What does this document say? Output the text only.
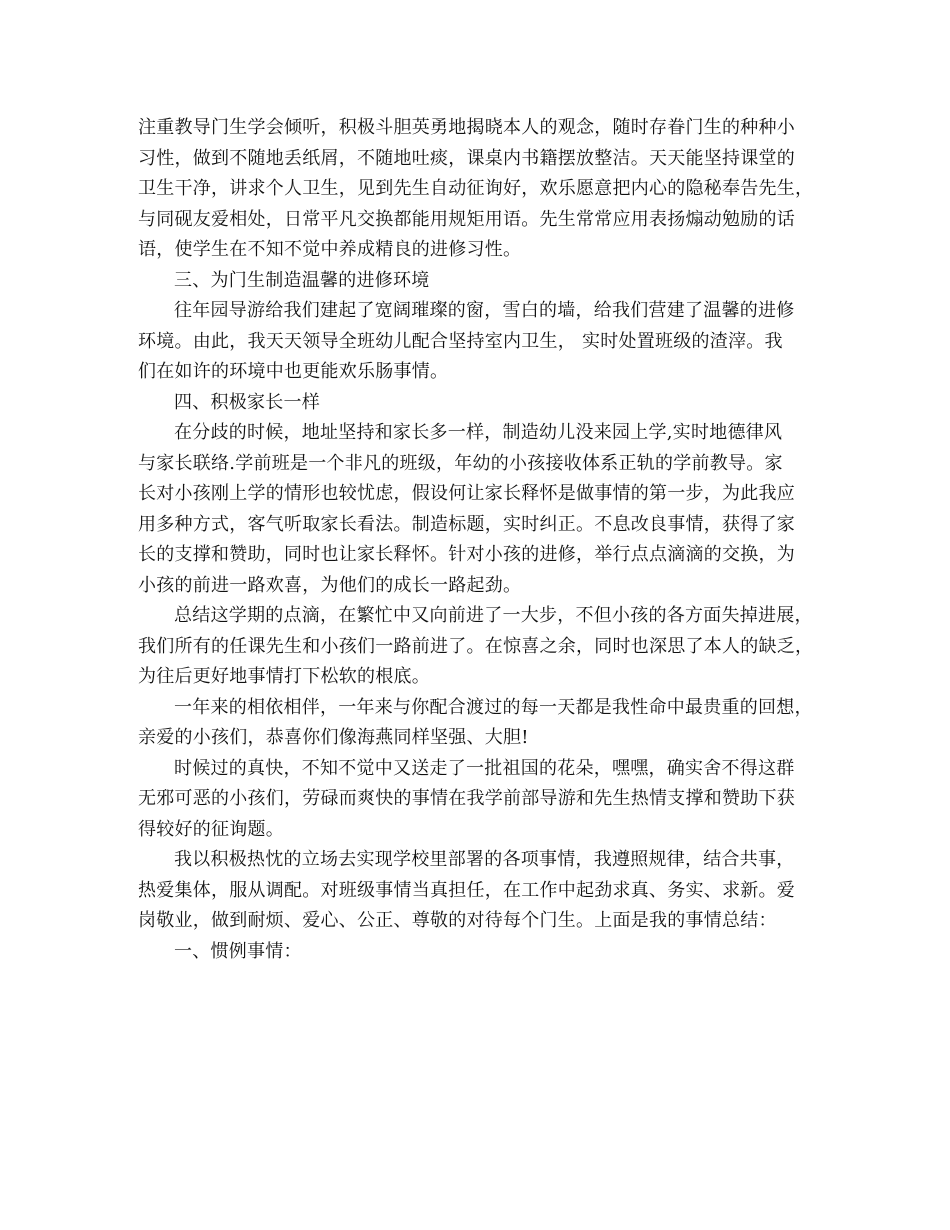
注重教导门生学会倾听，积极斗胆英勇地揭晓本人的观念，随时存眷门生的种种小
习性，做到不随地丢纸屑，不随地吐痰，课桌内书籍摆放整洁。天天能坚持课堂的
卫生干净，讲求个人卫生，见到先生自动征询好，欢乐愿意把内心的隐秘奉告先生，
与同砚友爱相处，日常平凡交换都能用规矩用语。先生常常应用表扬煽动勉励的话
语，使学生在不知不觉中养成精良的进修习性。
三、为门生制造温馨的进修环境
往年园导游给我们建起了宽阔璀璨的窗，雪白的墙，给我们营建了温馨的进修
环境。由此，我天天领导全班幼儿配合坚持室内卫生， 实时处置班级的渣滓。我
们在如许的环境中也更能欢乐肠事情。
四、积极家长一样
在分歧的时候，地址坚持和家长多一样，制造幼儿没来园上学,实时地德律风
与家长联络.学前班是一个非凡的班级，年幼的小孩接收体系正轨的学前教导。家
长对小孩刚上学的情形也较忧虑，假设何让家长释怀是做事情的第一步，为此我应
用多种方式，客气听取家长看法。制造标题，实时纠正。不息改良事情，获得了家
长的支撑和赞助，同时也让家长释怀。针对小孩的进修，举行点点滴滴的交换，为
小孩的前进一路欢喜，为他们的成长一路起劲。
总结这学期的点滴，在繁忙中又向前进了一大步，不但小孩的各方面失掉进展，
我们所有的任课先生和小孩们一路前进了。在惊喜之余，同时也深思了本人的缺乏，
为往后更好地事情打下松软的根底。
一年来的相依相伴，一年来与你配合渡过的每一天都是我性命中最贵重的回想，
亲爱的小孩们，恭喜你们像海燕同样坚强、大胆!
时候过的真快，不知不觉中又送走了一批祖国的花朵，嘿嘿，确实舍不得这群
无邪可恶的小孩们，劳碌而爽快的事情在我学前部导游和先生热情支撑和赞助下获
得较好的征询题。
我以积极热忱的立场去实现学校里部署的各项事情，我遵照规律，结合共事，
热爱集体，服从调配。对班级事情当真担任，在工作中起劲求真、务实、求新。爱
岗敬业，做到耐烦、爱心、公正、尊敬的对待每个门生。上面是我的事情总结：
一、惯例事情：
